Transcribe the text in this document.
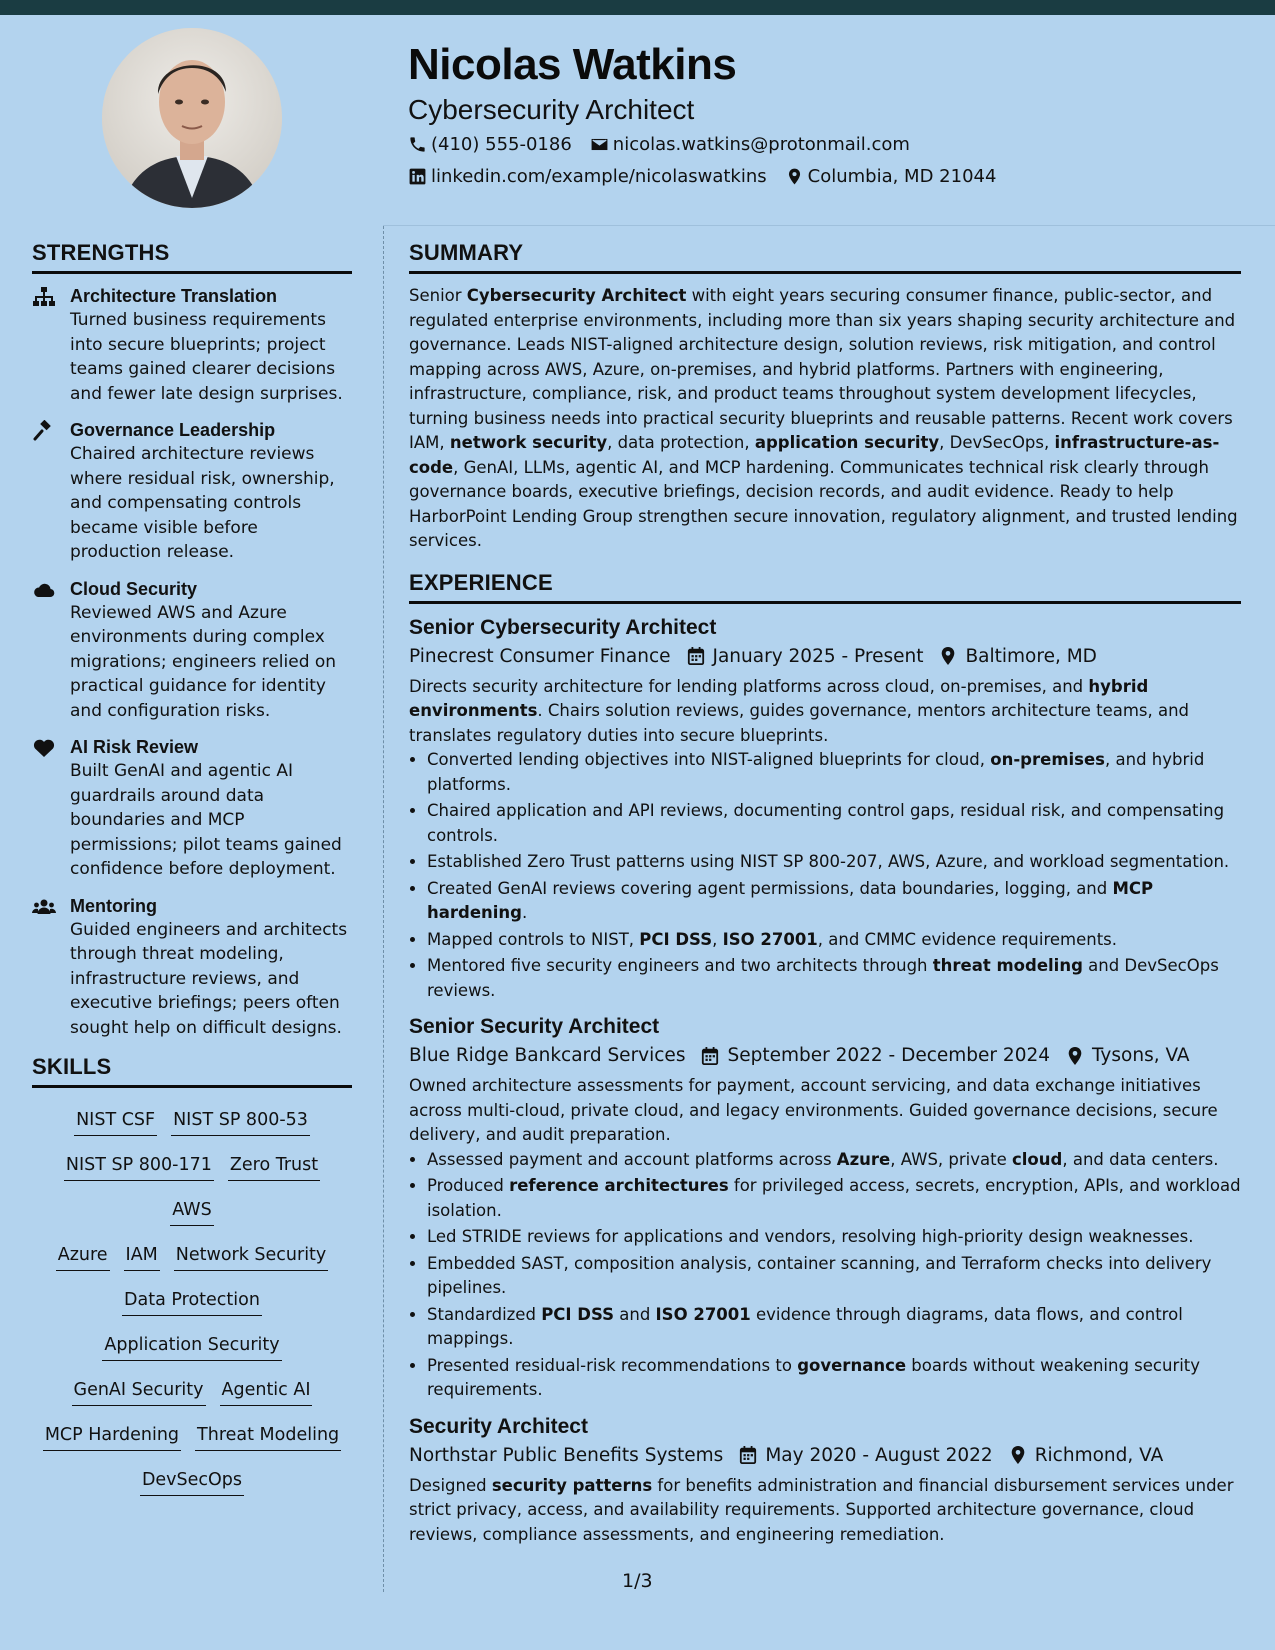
Nicolas Watkins
Cybersecurity Architect
(410) 555-0186 nicolas.watkins@protonmail.com
linkedin.com/example/nicolaswatkins Columbia, MD 21044
STRENGTHS
Architecture Translation
Turned business requirements into secure blueprints; project teams gained clearer decisions and fewer late design surprises.
Governance Leadership
Chaired architecture reviews where residual risk, ownership, and compensating controls became visible before production release.
Cloud Security
Reviewed AWS and Azure environments during complex migrations; engineers relied on practical guidance for identity and configuration risks.
AI Risk Review
Built GenAI and agentic AI guardrails around data boundaries and MCP permissions; pilot teams gained confidence before deployment.
Mentoring
Guided engineers and architects through threat modeling, infrastructure reviews, and executive briefings; peers often sought help on difficult designs.
SKILLS
NIST CSF NIST SP 800-53
NIST SP 800-171 Zero TrustAWS
Azure IAM Network Security
Data Protection
Application Security
GenAI Security Agentic AI
MCP Hardening Threat Modeling
DevSecOps
SUMMARY

Senior Cybersecurity Architect with eight years securing consumer finance, public-sector, and regulated enterprise environments, including more than six years shaping security architecture and governance. Leads NIST-aligned architecture design, solution reviews, risk mitigation, and control mapping across AWS, Azure, on-premises, and hybrid platforms. Partners with engineering, infrastructure, compliance, risk, and product teams throughout system development lifecycles, turning business needs into practical security blueprints and reusable patterns. Recent work covers IAM, network security, data protection, application security, DevSecOps, infrastructure-as-code, GenAI, LLMs, agentic AI, and MCP hardening. Communicates technical risk clearly through governance boards, executive briefings, decision records, and audit evidence. Ready to help HarborPoint Lending Group strengthen secure innovation, regulatory alignment, and trusted lending services.

EXPERIENCE
Senior Cybersecurity Architect
Pinecrest Consumer Finance January 2025 - Present Baltimore, MD

Directs security architecture for lending platforms across cloud, on-premises, and hybrid environments. Chairs solution reviews, guides governance, mentors architecture teams, and translates regulatory duties into secure blueprints.

• Converted lending objectives into NIST-aligned blueprints for cloud, on-premises, and hybrid platforms.
• Chaired application and API reviews, documenting control gaps, residual risk, and compensating controls.
• Established Zero Trust patterns using NIST SP 800-207, AWS, Azure, and workload segmentation.
• Created GenAI reviews covering agent permissions, data boundaries, logging, and MCP hardening.
• Mapped controls to NIST, PCI DSS, ISO 27001, and CMMC evidence requirements.
• Mentored five security engineers and two architects through threat modeling and DevSecOps reviews.
Senior Security Architect
Blue Ridge Bankcard Services September 2022 - December 2024 Tysons, VA

Owned architecture assessments for payment, account servicing, and data exchange initiatives across multi-cloud, private cloud, and legacy environments. Guided governance decisions, secure delivery, and audit preparation.

• Assessed payment and account platforms across Azure, AWS, private cloud, and data centers.
• Produced reference architectures for privileged access, secrets, encryption, APIs, and workload isolation.
• Led STRIDE reviews for applications and vendors, resolving high-priority design weaknesses.
• Embedded SAST, composition analysis, container scanning, and Terraform checks into delivery pipelines.
• Standardized PCI DSS and ISO 27001 evidence through diagrams, data flows, and control mappings.
• Presented residual-risk recommendations to governance boards without weakening security requirements.
Security Architect
Northstar Public Benefits Systems May 2020 - August 2022 Richmond, VA

Designed security patterns for benefits administration and financial disbursement services under strict privacy, access, and availability requirements. Supported architecture governance, cloud reviews, compliance assessments, and engineering remediation.

1/3
